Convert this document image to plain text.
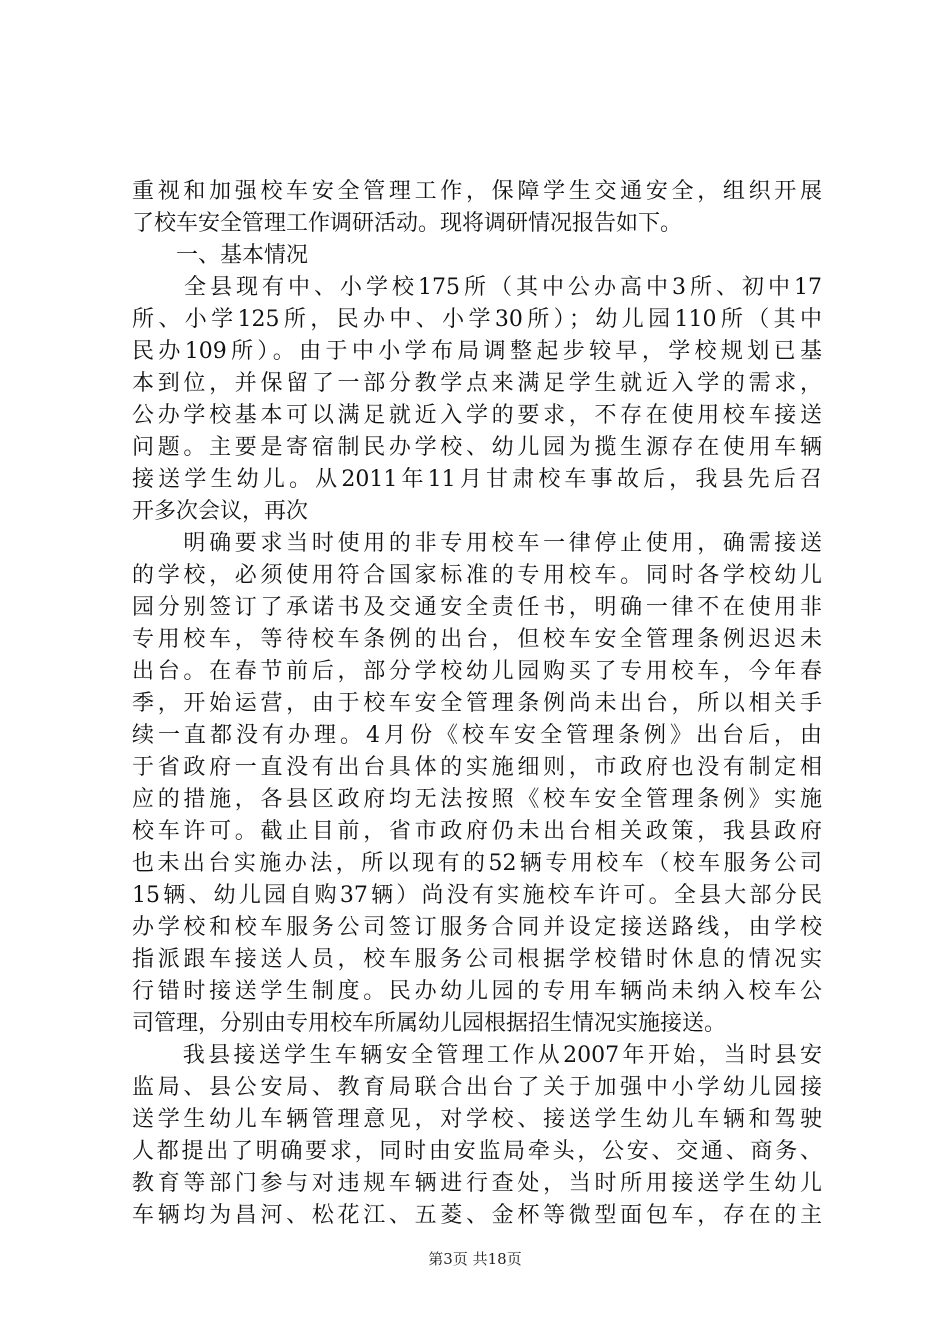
重视和加强校车安全管理工作，保障学生交通安全，组织开展
了校车安全管理工作调研活动。现将调研情况报告如下。
　　一、基本情况
　　全县现有中、小学校175所（其中公办高中3所、初中17
所、小学125所，民办中、小学30所）；幼儿园110所（其中
民办109所）。由于中小学布局调整起步较早，学校规划已基
本到位，并保留了一部分教学点来满足学生就近入学的需求，
公办学校基本可以满足就近入学的要求，不存在使用校车接送
问题。主要是寄宿制民办学校、幼儿园为揽生源存在使用车辆
接送学生幼儿。从2011年11月甘肃校车事故后，我县先后召
开多次会议，再次
　　明确要求当时使用的非专用校车一律停止使用，确需接送
的学校，必须使用符合国家标准的专用校车。同时各学校幼儿
园分别签订了承诺书及交通安全责任书，明确一律不在使用非
专用校车，等待校车条例的出台，但校车安全管理条例迟迟未
出台。在春节前后，部分学校幼儿园购买了专用校车，今年春
季，开始运营，由于校车安全管理条例尚未出台，所以相关手
续一直都没有办理。4月份《校车安全管理条例》出台后，由
于省政府一直没有出台具体的实施细则，市政府也没有制定相
应的措施，各县区政府均无法按照《校车安全管理条例》实施
校车许可。截止目前，省市政府仍未出台相关政策，我县政府
也未出台实施办法，所以现有的52辆专用校车（校车服务公司
15辆、幼儿园自购37辆）尚没有实施校车许可。全县大部分民
办学校和校车服务公司签订服务合同并设定接送路线，由学校
指派跟车接送人员，校车服务公司根据学校错时休息的情况实
行错时接送学生制度。民办幼儿园的专用车辆尚未纳入校车公
司管理，分别由专用校车所属幼儿园根据招生情况实施接送。
　　我县接送学生车辆安全管理工作从2007年开始，当时县安
监局、县公安局、教育局联合出台了关于加强中小学幼儿园接
送学生幼儿车辆管理意见，对学校、接送学生幼儿车辆和驾驶
人都提出了明确要求，同时由安监局牵头，公安、交通、商务、
教育等部门参与对违规车辆进行查处，当时所用接送学生幼儿
车辆均为昌河、松花江、五菱、金杯等微型面包车，存在的主
第3页 共18页
